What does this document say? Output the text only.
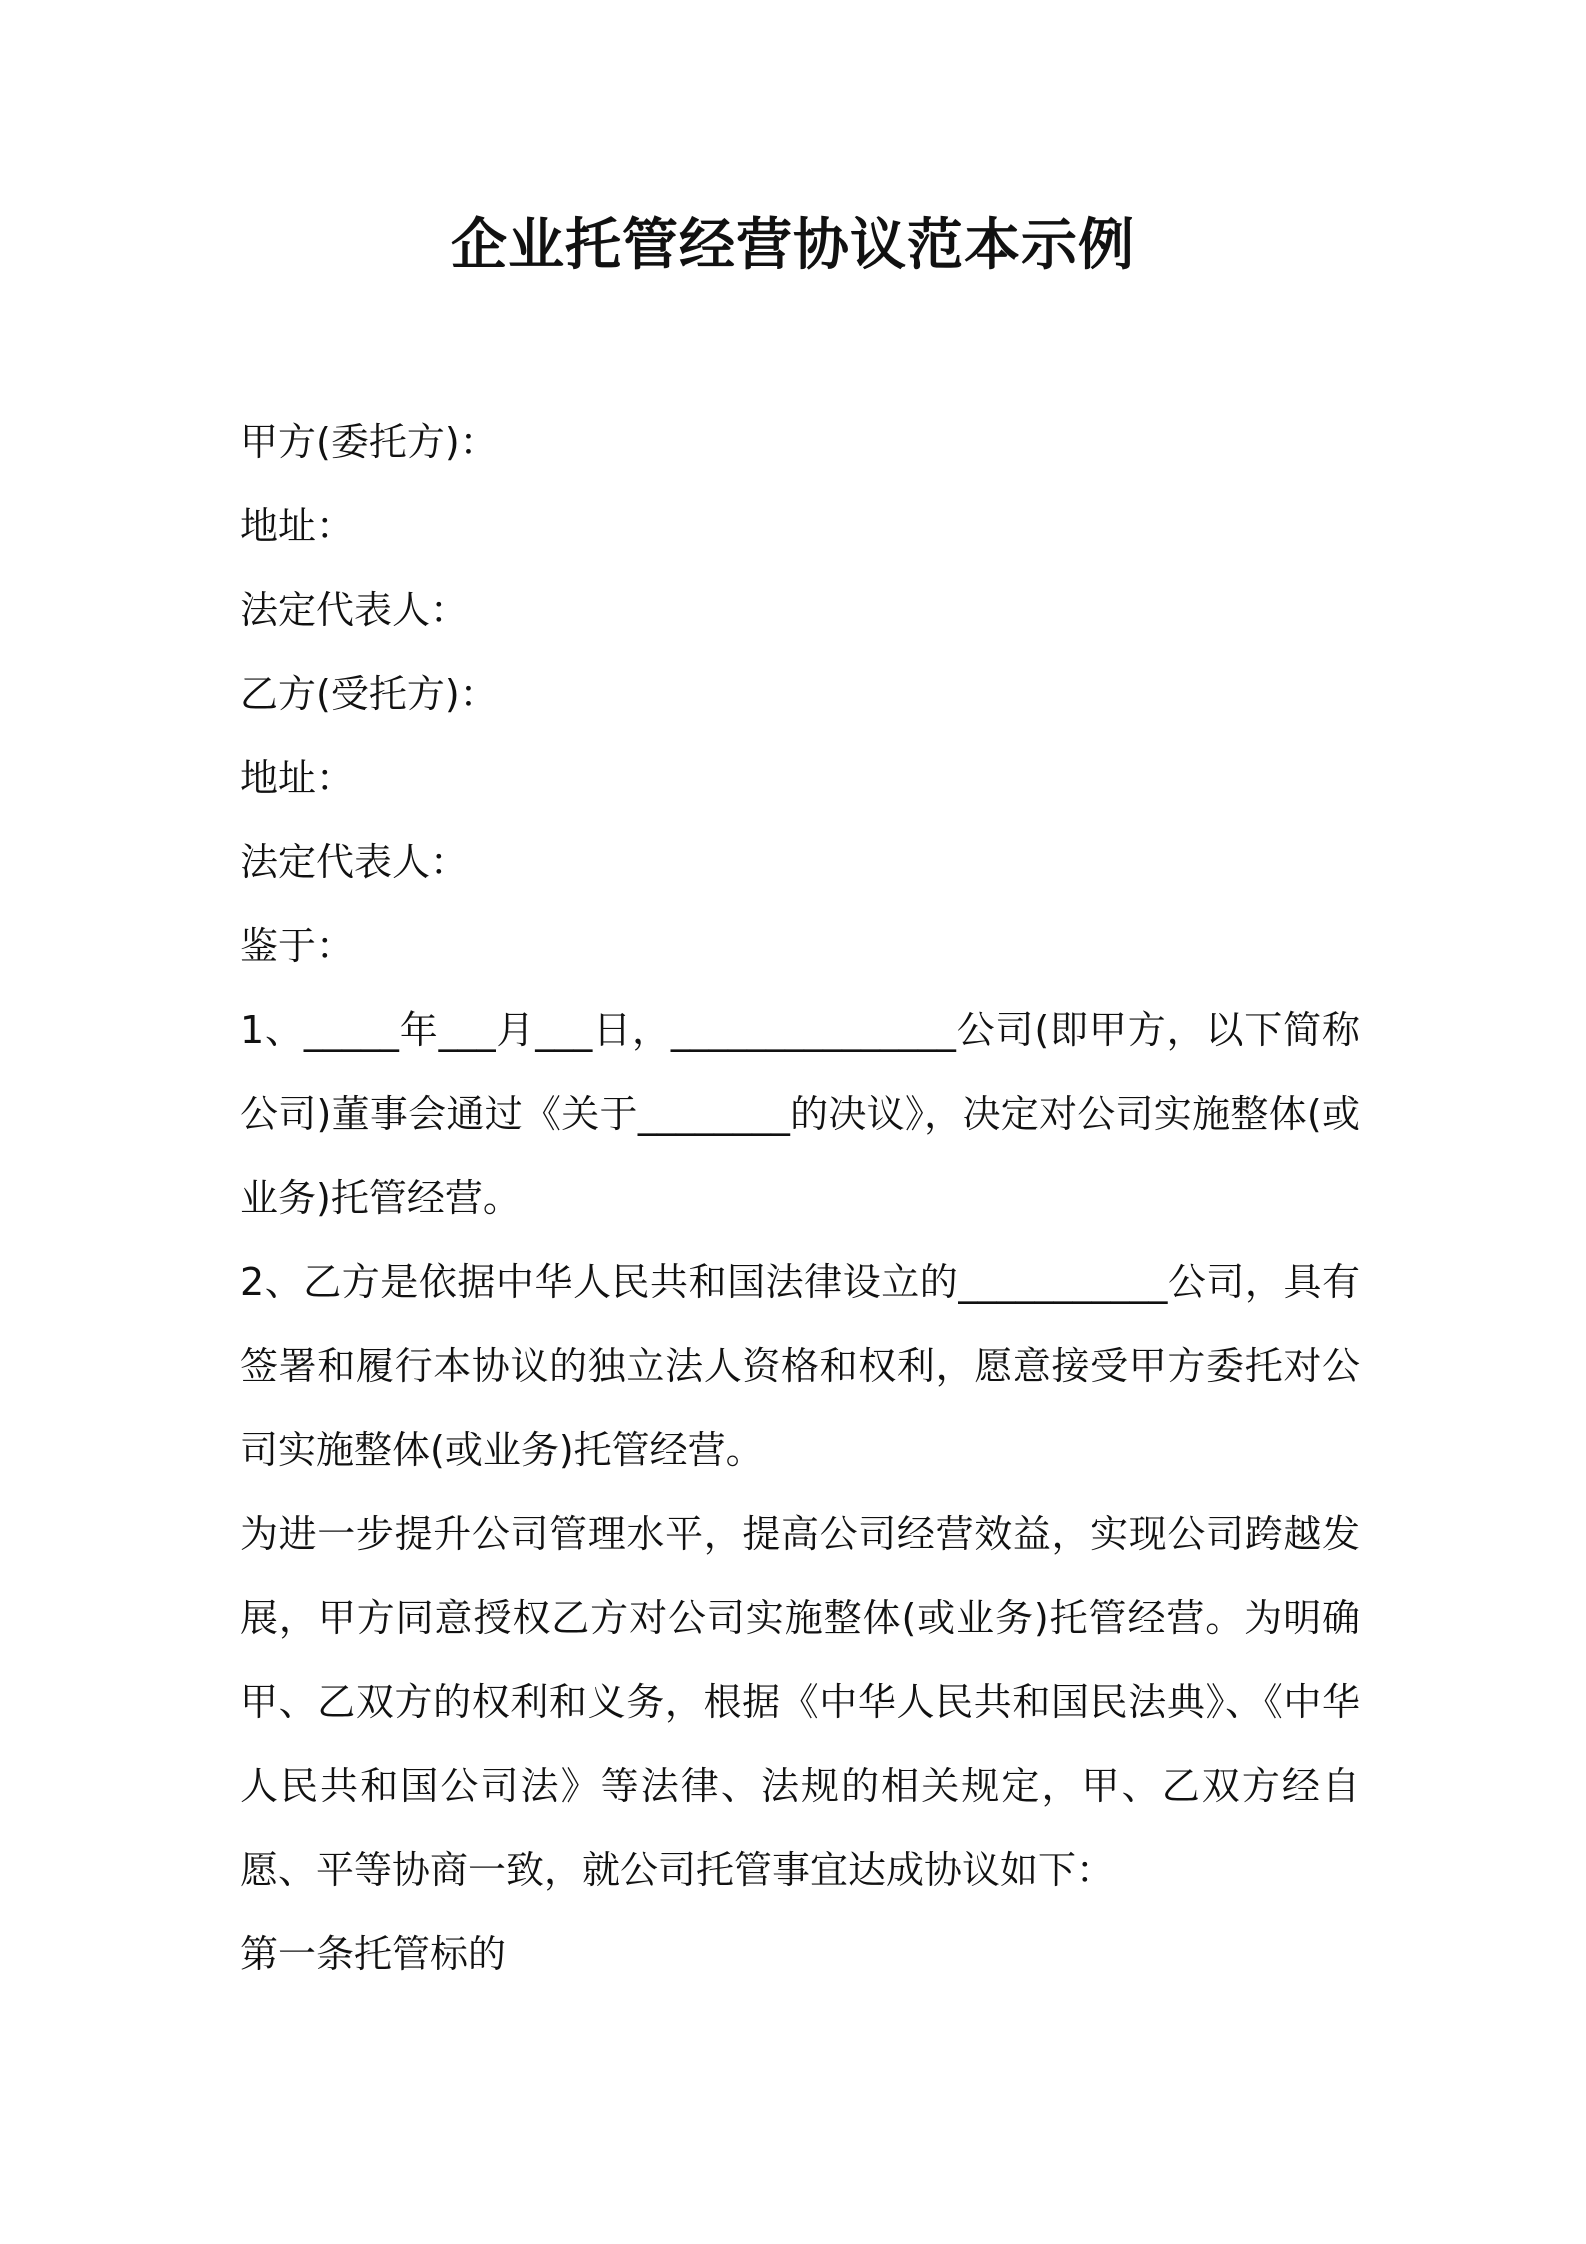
企业托管经营协议范本示例

甲方(委托方)：

地址：

法定代表人：

乙方(受托方)：

地址：

法定代表人：

鉴于：

1、_____年___月___日，_______________公司(即甲方，以下简称公司)董事会通过《关于________的决议》，决定对公司实施整体(或业务)托管经营。

2、乙方是依据中华人民共和国法律设立的___________公司，具有签署和履行本协议的独立法人资格和权利，愿意接受甲方委托对公司实施整体(或业务)托管经营。

为进一步提升公司管理水平，提高公司经营效益，实现公司跨越发展，甲方同意授权乙方对公司实施整体(或业务)托管经营。为明确甲、乙双方的权利和义务，根据《中华人民共和国民法典》、《中华人民共和国公司法》等法律、法规的相关规定，甲、乙双方经自愿、平等协商一致，就公司托管事宜达成协议如下：

第一条托管标的
